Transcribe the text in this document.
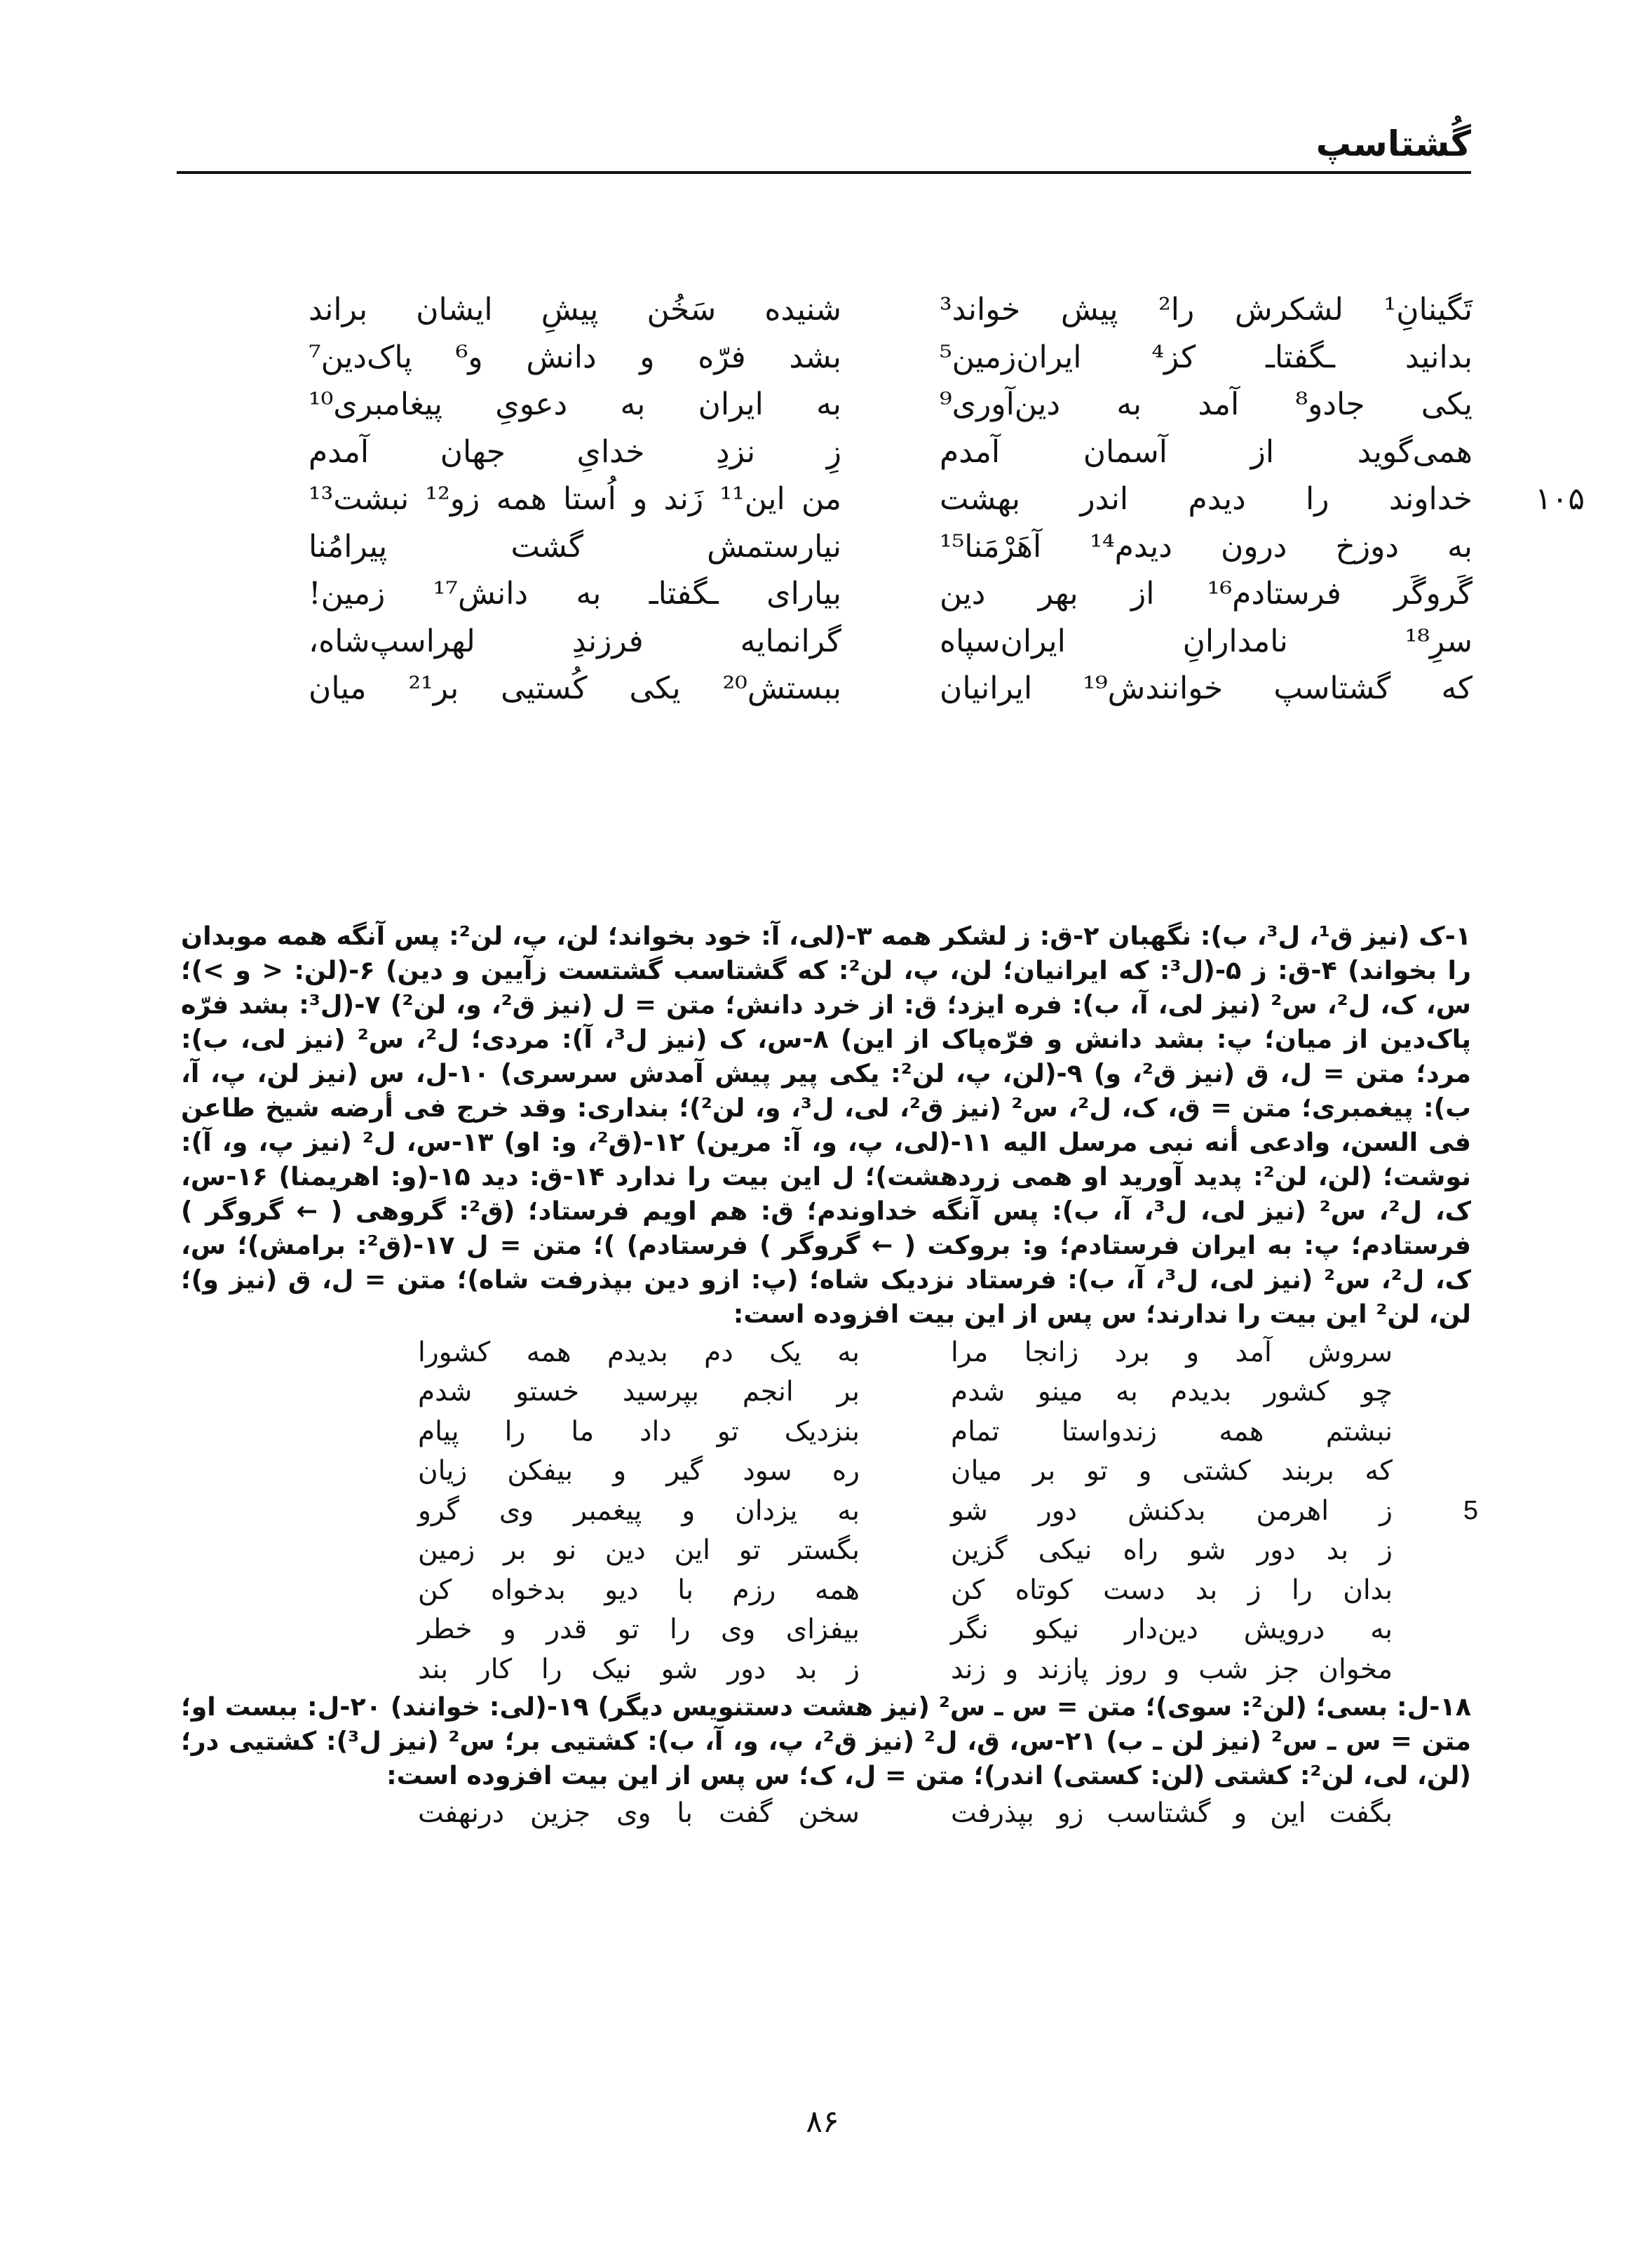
گُشتاسپ
تَگینانِ¹ لشکرش را² پیش خواند³
شنیده سَخُن پیشِ ایشان براند
بدانید ـگفتاـ کز⁴ ایران‌زمین⁵
بشد فرّه و دانش و⁶ پاک‌دین⁷
یکی جادو⁸ آمد به دین‌آوری⁹
به ایران به دعویِ پیغامبری¹⁰
همی‌گوید از آسمان آمدم
زِ نزدِ خدایِ جهان آمدم
۱۰۵
خداوند را دیدم اندر بهشت
من این¹¹ زَند و اُستا همه زو¹² نبشت¹³
به دوزخ درون دیدم¹⁴ آهَرْمَنا¹⁵
نیارستمش گشت پیرامُنا
گَروگَر فرستادم¹⁶ از بهر دین
بیارای ـگفتاـ به دانش¹⁷ زمین!
سرِ¹⁸ نامدارانِ ایران‌سپاه
گرانمایه فرزندِ لهراسپ‌شاه،
که گشتاسپ خوانندش¹⁹ ایرانیان
ببستش²⁰ یکی کُستیی بر²¹ میان

۱-ک (نیز ق¹، ل³، ب): نگهبان ۲-ق: ز لشکر همه ۳-(لی، آ: خود بخواند؛ لن، پ، لن²: پس آنگه همه موبدان را بخواند) ۴-ق: ز ۵-(ل³: که ایرانیان؛ لن، پ، لن²: که گشتاسب گشتست زآیین و دین) ۶-(لن: < و >)؛ س، ک، ل²، س² (نیز لی، آ، ب): فره ایزد؛ ق: از خرد دانش؛ متن = ل (نیز ق²، و، لن²) ۷-(ل³: بشد فرّه پاک‌دین از میان؛ پ: بشد دانش و فرّه‌پاک از این) ۸-س، ک (نیز ل³، آ): مردی؛ ل²، س² (نیز لی، ب): مرد؛ متن = ل، ق (نیز ق²، و) ۹-(لن، پ، لن²: یکی پیر پیش آمدش سرسری) ۱۰-ل، س (نیز لن، پ، آ، ب): پیغمبری؛ متن = ق، ک، ل²، س² (نیز ق²، لی، ل³، و، لن²)؛ بنداری: وقد خرج فی أرضه شیخ طاعن فی السن، وادعی أنه نبی مرسل الیه ۱۱-(لی، پ، و، آ: مرین) ۱۲-(ق²، و: او) ۱۳-س، ل² (نیز پ، و، آ): نوشت؛ (لن، لن²: پدید آورید او همی زردهشت)؛ ل این بیت را ندارد ۱۴-ق: دید ۱۵-(و: اهریمنا) ۱۶-س، ک، ل²، س² (نیز لی، ل³، آ، ب): پس آنگه خداوندم؛ ق: هم اویم فرستاد؛ (ق²: گروهی ( ← گروگر ) فرستادم؛ پ: به ایران فرستادم؛ و: بروکت ( ← گروگر ) فرستادم) )؛ متن = ل ۱۷-(ق²: برامش)؛ س، ک، ل²، س² (نیز لی، ل³، آ، ب): فرستاد نزدیک شاه؛ (پ: ازو دین بپذرفت شاه)؛ متن = ل، ق (نیز و)؛ لن، لن² این بیت را ندارند؛ س پس از این بیت افزوده است:

سروش آمد و برد زانجا مرا
به یک دم بدیدم همه کشورا
چو کشور بدیدم به مینو شدم
بر انجم بپرسید خستو شدم
نبشتم همه زندواستا تمام
بنزدیک تو داد ما را پیام
که بربند کشتی و تو بر میان
ره سود گیر و بیفکن زیان
5
ز اهرمن بدکنش دور شو
به یزدان و پیغمبر وی گرو
ز بد دور شو راه نیکی گزین
بگستر تو این دین نو بر زمین
بدان را ز بد دست کوتاه کن
همه رزم با دیو بدخواه کن
به درویش دین‌دار نیکو نگر
بیفزای وی را تو قدر و خطر
مخوان جز شب و روز پازند و زند
ز بد دور شو نیک را کار بند

۱۸-ل: بسی؛ (لن²: سوی)؛ متن = س ـ س² (نیز هشت دستنویس دیگر) ۱۹-(لی: خوانند) ۲۰-ل: ببست او؛ متن = س ـ س² (نیز لن ـ ب) ۲۱-س، ق، ل² (نیز ق²، پ، و، آ، ب): کشتیی بر؛ س² (نیز ل³): کشتیی در؛ (لن، لی، لن²: کشتی (لن: کستی) اندر)؛ متن = ل، ک؛ س پس از این بیت افزوده است:

بگفت این و گشتاسب زو بپذرفت
سخن گفت با وی جزین درنهفت
۸۶
